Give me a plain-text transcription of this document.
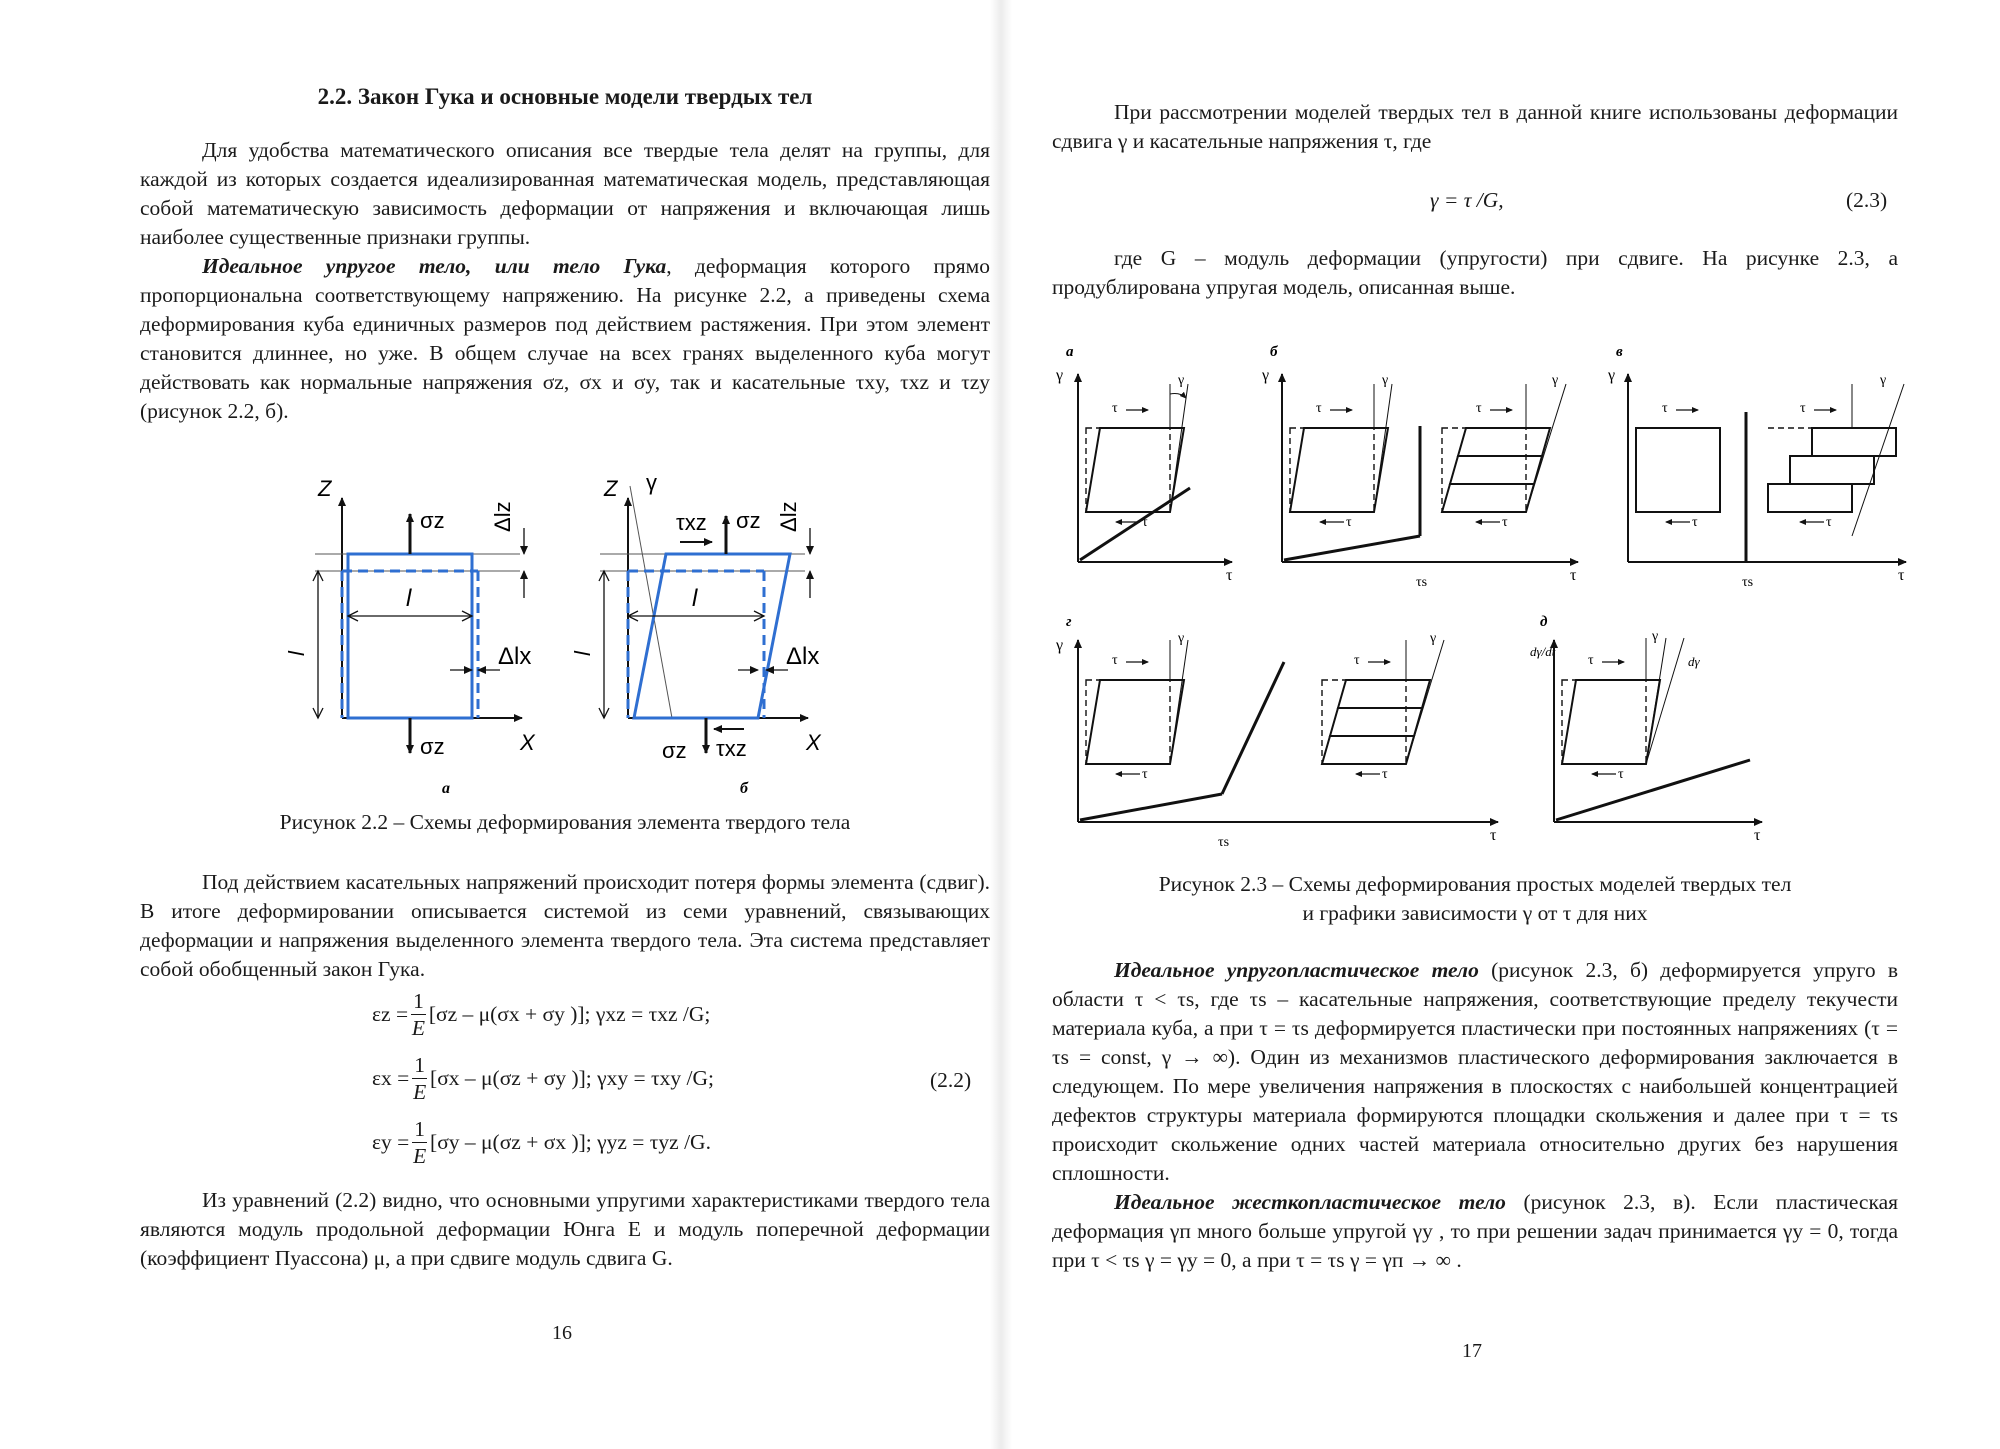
2.2. Закон Гука и основные модели твердых тел

Для удобства математического описания все твердые тела делят на группы, для каждой из которых создается идеализированная математическая модель, представляющая собой математическую зависимость деформации от напряжения и включающая лишь наиболее существенные признаки группы.

Идеальное упругое тело, или тело Гука, деформация которого прямо пропорциональна соответствующему напряжению. На рисунке 2.2, а приведены схема деформирования куба единичных размеров под действием растяжения. При этом элемент становится длиннее, но уже. В общем случае на всех гранях выделенного куба могут действовать как нормальные напряжения σz, σx и σy, так и касательные τxy, τxz и τzy (рисунок 2.2, б).

Z
X
l
l
σz
σz
Δlz
Δlx
а
Z γ
X
l
l
τxz σz
σz τxz
Δlz
Δlx
б

Рисунок 2.2 – Схемы деформирования элемента твердого тела

Под действием касательных напряжений происходит потеря формы элемента (сдвиг). В итоге деформировании описывается системой из семи уравнений, связывающих деформации и напряжения выделенного элемента твердого тела. Эта система представляет собой обобщенный закон Гука.

$\varepsilon z = \frac{1}{E} [\sigma z - \mu(\sigma x + \sigma y$ )]; γxz = τxz /G;
$\varepsilon x = \frac{1}{E} [\sigma x - \mu(\sigma z + \sigma y$ )]; γxy = τxy /G;
$\varepsilon y = \frac{1}{E} [\sigma y - \mu(\sigma z + \sigma x$ )]; γyz = τyz /G.
(2.2)

Из уравнений (2.2) видно, что основными упругими характеристиками твердого тела являются модуль продольной деформации Юнга E и модуль поперечной деформации (коэффициент Пуассона) μ, а при сдвиге модуль сдвига G.

16

При рассмотрении моделей твердых тел в данной книге использованы деформации сдвига γ и касательные напряжения τ, где

γ = τ /G,	(2.3)

где G – модуль деформации (упругости) при сдвиге. На рисунке 2.3, а продублирована упругая модель, описанная выше.

а
γ
τ
γ
τ
τ
б
γ
τ
γ
τ
τ
τs
γ
τ
τ
в
γ
τ
τ
τ
τs
γ
τ
τ
г
γ
τ
γ
τ
τ
τs
γ
τ
τ
д
dγ/dt
τ
γ
dγ
τ
τ

Рисунок 2.3 – Схемы деформирования простых моделей твердых тел

и графики зависимости γ от τ для них

Идеальное упругопластическое тело (рисунок 2.3, б) деформируется упруго в области τ < τs, где τs – касательные напряжения, соответствующие пределу текучести материала куба, а при τ = τs деформируется пластически при постоянных напряжениях (τ = τs = const, γ → ∞). Один из механизмов пластического деформирования заключается в следующем. По мере увеличения напряжения в плоскостях с наибольшей концентрацией дефектов структуры материала формируются площадки скольжения и далее при τ = τs происходит скольжение одних частей материала относительно других без нарушения сплошности.

Идеальное жесткопластическое тело (рисунок 2.3, в). Если пластическая деформация γп много больше упругой γy , то при решении задач принимается γy = 0, тогда при τ < τs γ = γy = 0, а при τ = τs γ = γп → ∞ .

17
